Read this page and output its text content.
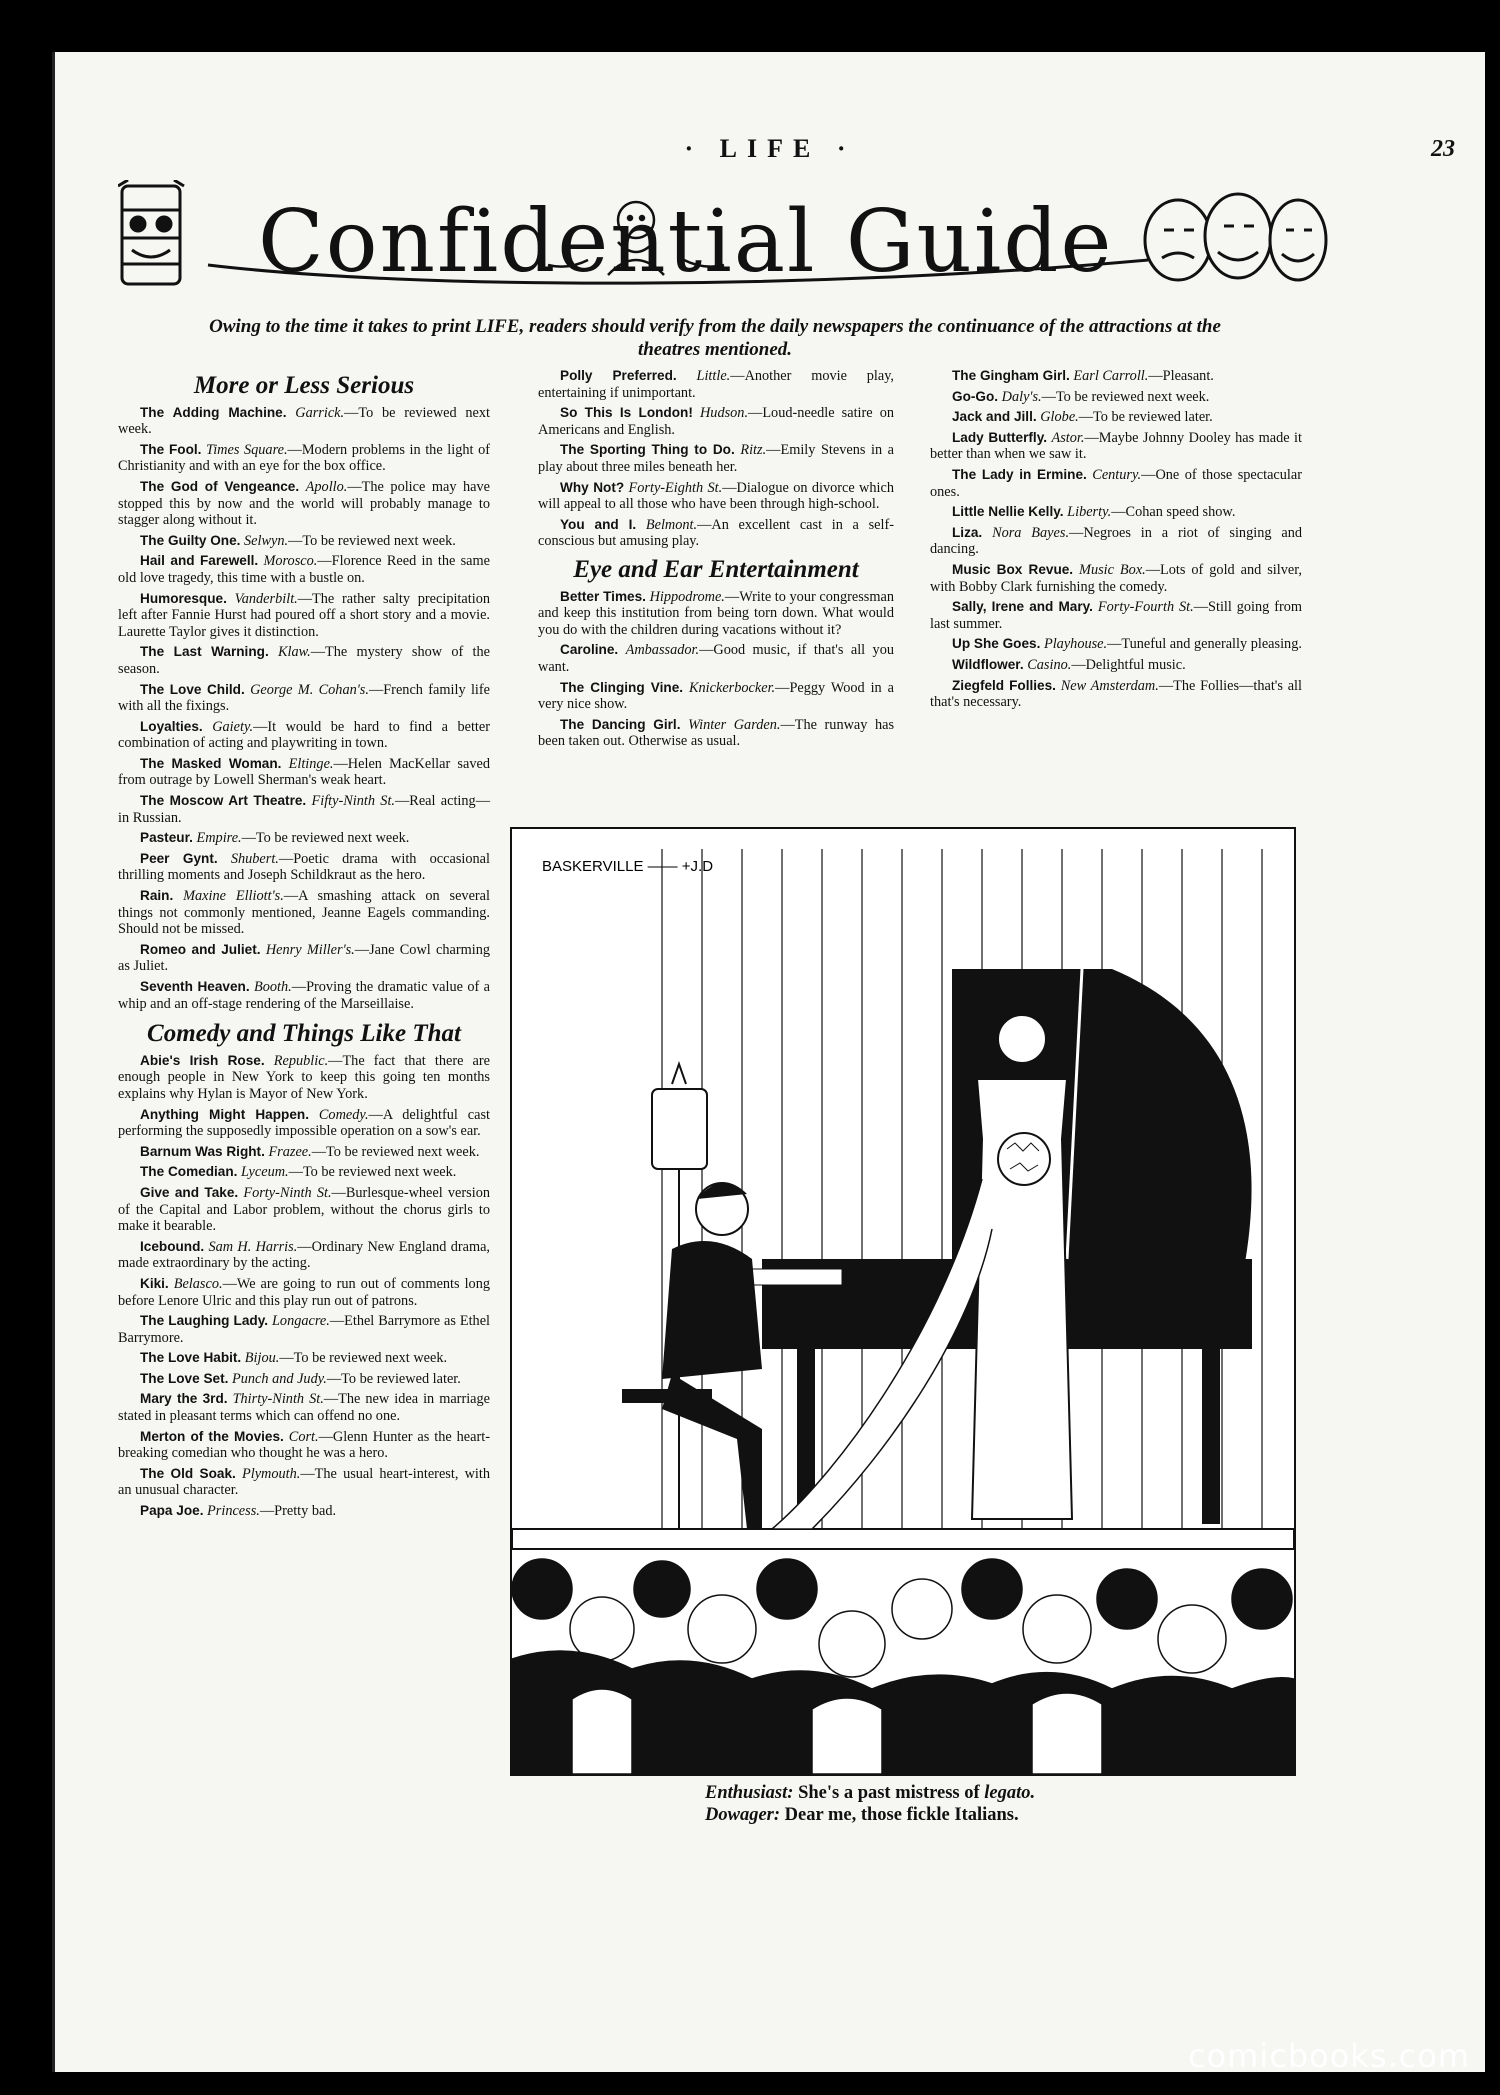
· LIFE ·	23
Confidential Guide
Owing to the time it takes to print LIFE, readers should verify from the daily newspapers the continuance of the attractions at the theatres mentioned.
More or Less Serious

The Adding Machine. Garrick.—To be reviewed next week.

The Fool. Times Square.—Modern problems in the light of Christianity and with an eye for the box office.

The God of Vengeance. Apollo.—The police may have stopped this by now and the world will probably manage to stagger along without it.

The Guilty One. Selwyn.—To be reviewed next week.

Hail and Farewell. Morosco.—Florence Reed in the same old love tragedy, this time with a bustle on.

Humoresque. Vanderbilt.—The rather salty precipitation left after Fannie Hurst had poured off a short story and a movie. Laurette Taylor gives it distinction.

The Last Warning. Klaw.—The mystery show of the season.

The Love Child. George M. Cohan's.—French family life with all the fixings.

Loyalties. Gaiety.—It would be hard to find a better combination of acting and playwriting in town.

The Masked Woman. Eltinge.—Helen MacKellar saved from outrage by Lowell Sherman's weak heart.

The Moscow Art Theatre. Fifty-Ninth St.—Real acting—in Russian.

Pasteur. Empire.—To be reviewed next week.

Peer Gynt. Shubert.—Poetic drama with occasional thrilling moments and Joseph Schildkraut as the hero.

Rain. Maxine Elliott's.—A smashing attack on several things not commonly mentioned, Jeanne Eagels commanding. Should not be missed.

Romeo and Juliet. Henry Miller's.—Jane Cowl charming as Juliet.

Seventh Heaven. Booth.—Proving the dramatic value of a whip and an off-stage rendering of the Marseillaise.

Comedy and Things Like That

Abie's Irish Rose. Republic.—The fact that there are enough people in New York to keep this going ten months explains why Hylan is Mayor of New York.

Anything Might Happen. Comedy.—A delightful cast performing the supposedly impossible operation on a sow's ear.

Barnum Was Right. Frazee.—To be reviewed next week.

The Comedian. Lyceum.—To be reviewed next week.

Give and Take. Forty-Ninth St.—Burlesque-wheel version of the Capital and Labor problem, without the chorus girls to make it bearable.

Icebound. Sam H. Harris.—Ordinary New England drama, made extraordinary by the acting.

Kiki. Belasco.—We are going to run out of comments long before Lenore Ulric and this play run out of patrons.

The Laughing Lady. Longacre.—Ethel Barrymore as Ethel Barrymore.

The Love Habit. Bijou.—To be reviewed next week.

The Love Set. Punch and Judy.—To be reviewed later.

Mary the 3rd. Thirty-Ninth St.—The new idea in marriage stated in pleasant terms which can offend no one.

Merton of the Movies. Cort.—Glenn Hunter as the heart-breaking comedian who thought he was a hero.

The Old Soak. Plymouth.—The usual heart-interest, with an unusual character.

Papa Joe. Princess.—Pretty bad.

Polly Preferred. Little.—Another movie play, entertaining if unimportant.

So This Is London! Hudson.—Loud-needle satire on Americans and English.

The Sporting Thing to Do. Ritz.—Emily Stevens in a play about three miles beneath her.

Why Not? Forty-Eighth St.—Dialogue on divorce which will appeal to all those who have been through high-school.

You and I. Belmont.—An excellent cast in a self-conscious but amusing play.

Eye and Ear Entertainment

Better Times. Hippodrome.—Write to your congressman and keep this institution from being torn down. What would you do with the children during vacations without it?

Caroline. Ambassador.—Good music, if that's all you want.

The Clinging Vine. Knickerbocker.—Peggy Wood in a very nice show.

The Dancing Girl. Winter Garden.—The runway has been taken out. Otherwise as usual.

The Gingham Girl. Earl Carroll.—Pleasant.

Go-Go. Daly's.—To be reviewed next week.

Jack and Jill. Globe.—To be reviewed later.

Lady Butterfly. Astor.—Maybe Johnny Dooley has made it better than when we saw it.

The Lady in Ermine. Century.—One of those spectacular ones.

Little Nellie Kelly. Liberty.—Cohan speed show.

Liza. Nora Bayes.—Negroes in a riot of singing and dancing.

Music Box Revue. Music Box.—Lots of gold and silver, with Bobby Clark furnishing the comedy.

Sally, Irene and Mary. Forty-Fourth St.—Still going from last summer.

Up She Goes. Playhouse.—Tuneful and generally pleasing.

Wildflower. Casino.—Delightful music.

Ziegfeld Follies. New Amsterdam.—The Follies—that's all that's necessary.

BASKERVILLE —— +J.D
Enthusiast: She's a past mistress of legato.
Dowager: Dear me, those fickle Italians.
comicbooks.com
